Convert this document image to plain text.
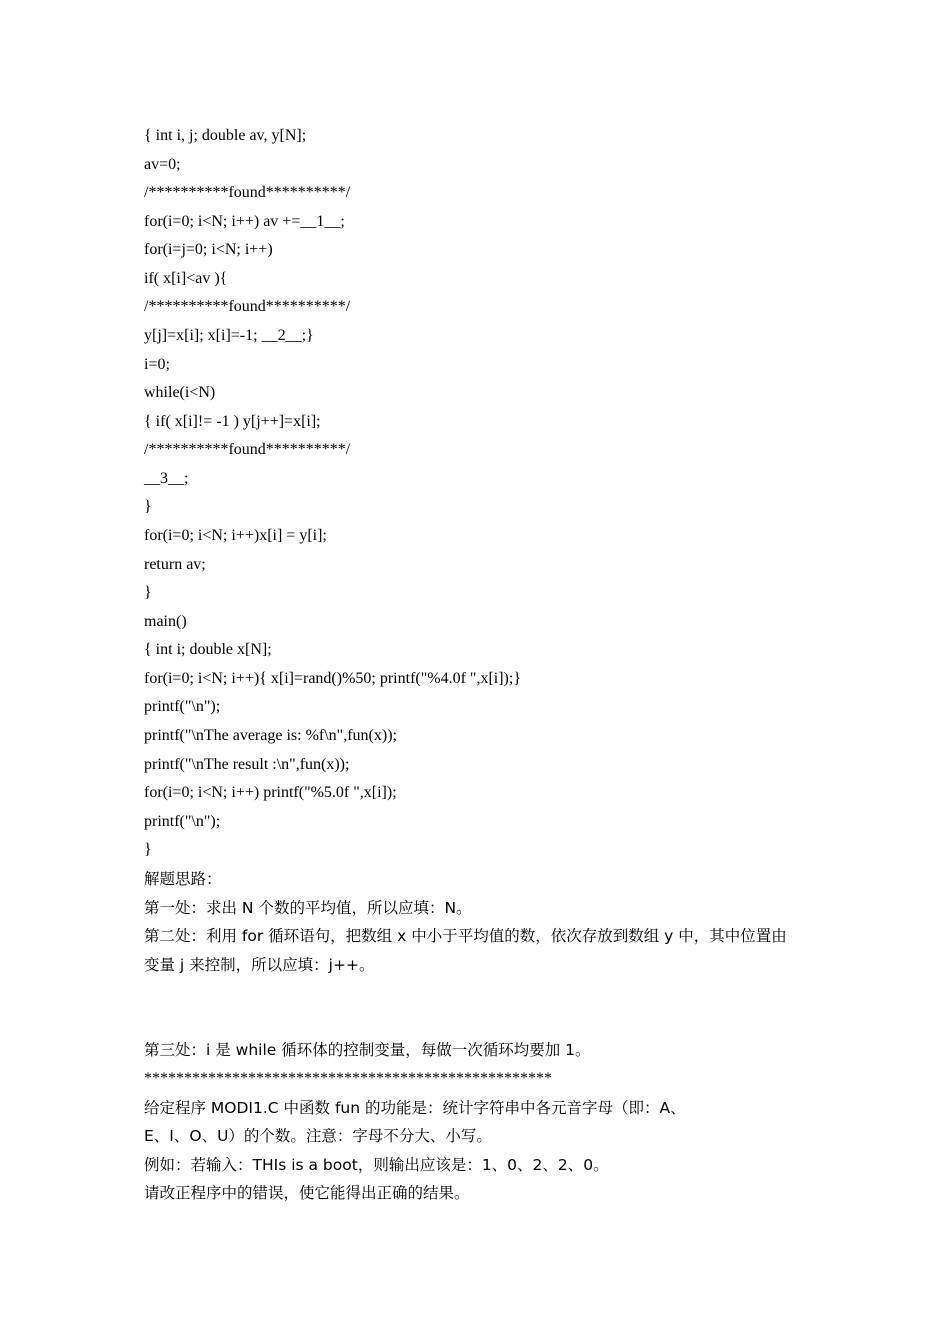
{ int i, j; double av, y[N];
av=0;
/**********found**********/
for(i=0; i<N; i++) av +=__1__;
for(i=j=0; i<N; i++)
if( x[i]<av ){
/**********found**********/
y[j]=x[i]; x[i]=-1; __2__;}
i=0;
while(i<N)
{ if( x[i]!= -1 ) y[j++]=x[i];
/**********found**********/
__3__;
}
for(i=0; i<N; i++)x[i] = y[i];
return av;
}
main()
{ int i; double x[N];
for(i=0; i<N; i++){ x[i]=rand()%50; printf("%4.0f ",x[i]);}
printf("\n");
printf("\nThe average is: %f\n",fun(x));
printf("\nThe result :\n",fun(x));
for(i=0; i<N; i++) printf("%5.0f ",x[i]);
printf("\n");
}
解题思路：
第一处：求出 N 个数的平均值，所以应填：N。
第二处：利用 for 循环语句，把数组 x 中小于平均值的数，依次存放到数组 y 中，其中位置由
变量 j 来控制，所以应填：j++。
第三处：i 是 while 循环体的控制变量，每做一次循环均要加 1。
***************************************************
给定程序 MODI1.C 中函数 fun 的功能是：统计字符串中各元音字母（即：A、
E、I、O、U）的个数。注意：字母不分大、小写。
例如：若输入：THIs is a boot，则输出应该是：1、0、2、2、0。
请改正程序中的错误，使它能得出正确的结果。
